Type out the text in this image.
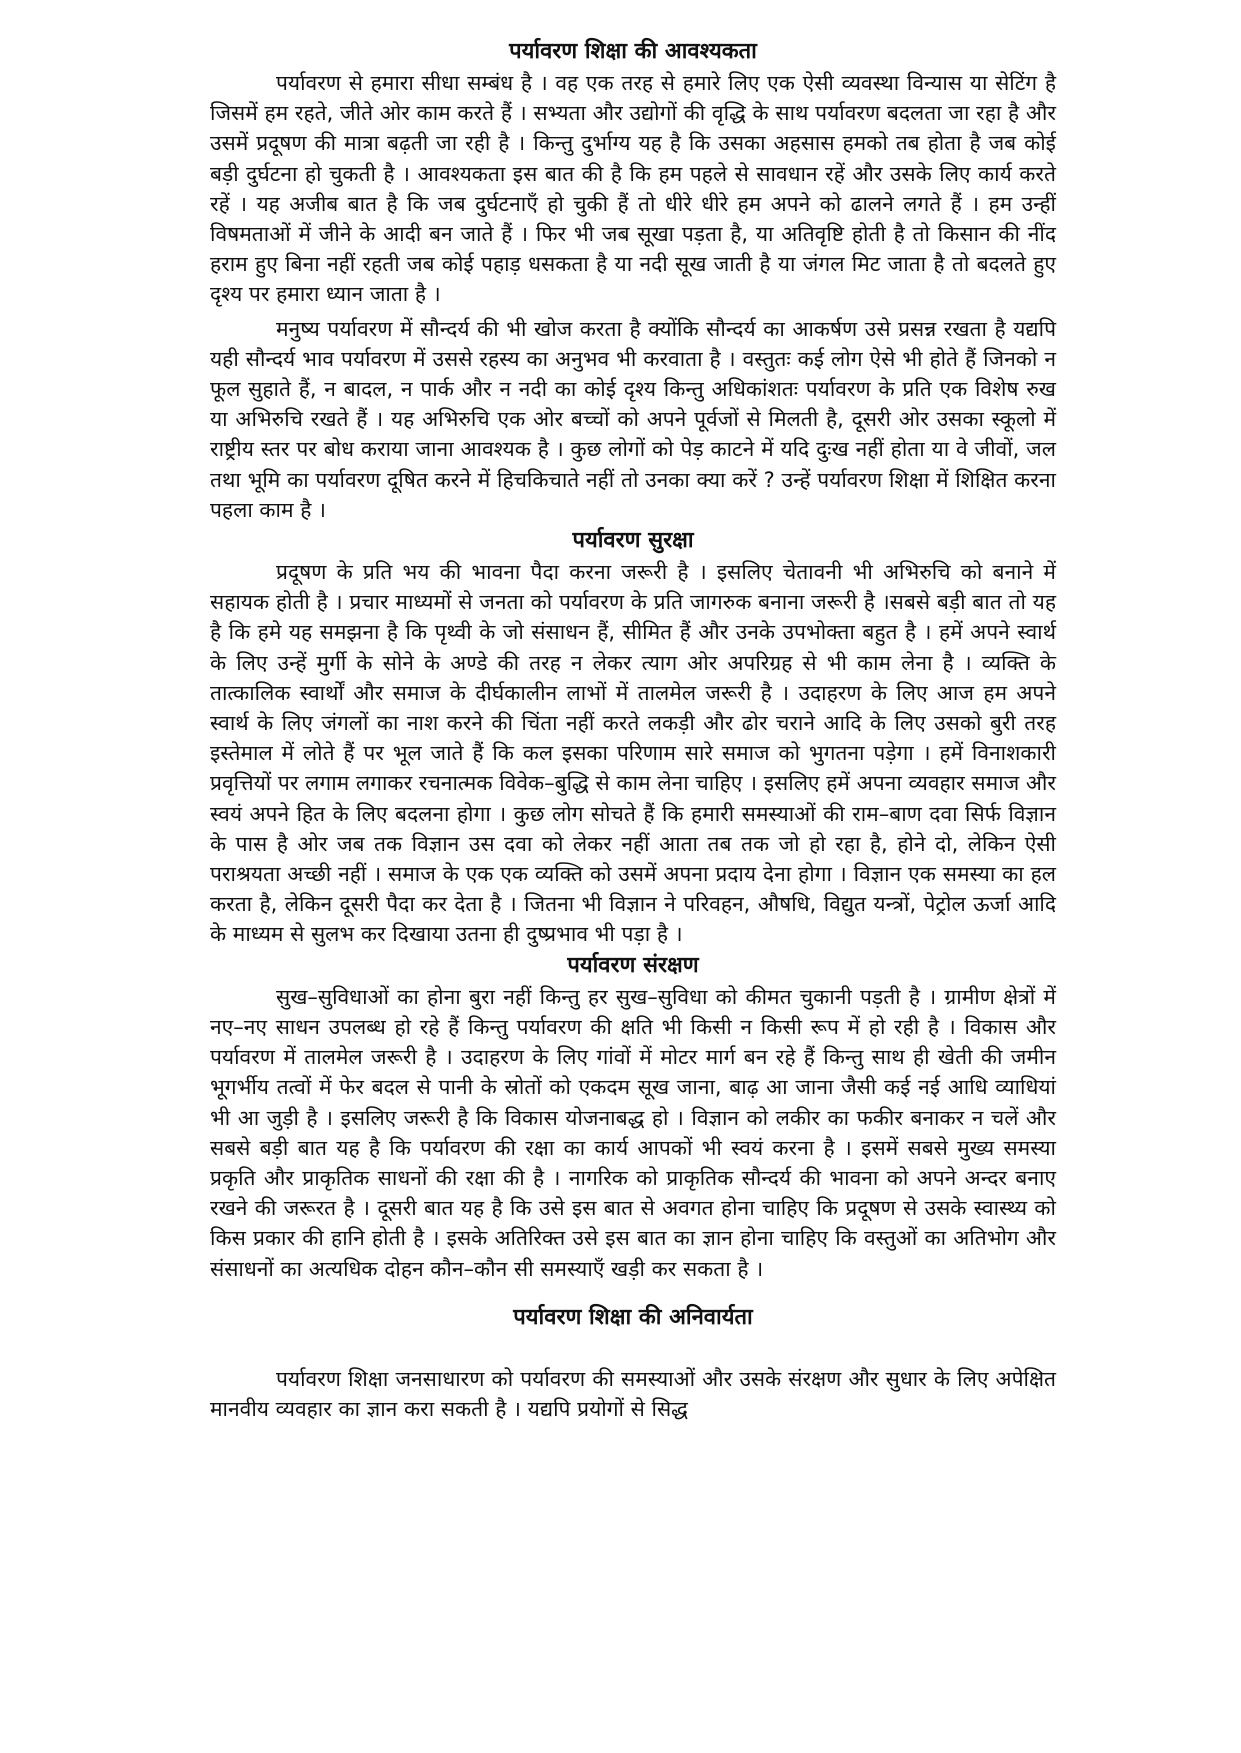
पर्यावरण शिक्षा की आवश्यकता

पर्यावरण से हमारा सीधा सम्बंध है । वह एक तरह से हमारे लिए एक ऐसी व्यवस्था विन्यास या सेटिंग है जिसमें हम रहते, जीते ओर काम करते हैं । सभ्यता और उद्योगों की वृद्धि के साथ पर्यावरण बदलता जा रहा है और उसमें प्रदूषण की मात्रा बढ़ती जा रही है । किन्तु दुर्भाग्य यह है कि उसका अहसास हमको तब होता है जब कोई बड़ी दुर्घटना हो चुकती है । आवश्यकता इस बात की है कि हम पहले से सावधान रहें और उसके लिए कार्य करते रहें । यह अजीब बात है कि जब दुर्घटनाएँ हो चुकी हैं तो धीरे धीरे हम अपने को ढालने लगते हैं । हम उन्हीं विषमताओं में जीने के आदी बन जाते हैं । फिर भी जब सूखा पड़ता है, या अतिवृष्टि होती है तो किसान की नींद हराम हुए बिना नहीं रहती जब कोई पहाड़ धसकता है या नदी सूख जाती है या जंगल मिट जाता है तो बदलते हुए दृश्य पर हमारा ध्यान जाता है ।

मनुष्य पर्यावरण में सौन्दर्य की भी खोज करता है क्योंकि सौन्दर्य का आकर्षण उसे प्रसन्न रखता है यद्यपि यही सौन्दर्य भाव पर्यावरण में उससे रहस्य का अनुभव भी करवाता है । वस्तुतः कई लोग ऐसे भी होते हैं जिनको न फूल सुहाते हैं, न बादल, न पार्क और न नदी का कोई दृश्य किन्तु अधिकांशतः पर्यावरण के प्रति एक विशेष रुख या अभिरुचि रखते हैं । यह अभिरुचि एक ओर बच्चों को अपने पूर्वजों से मिलती है, दूसरी ओर उसका स्कूलो में राष्ट्रीय स्तर पर बोध कराया जाना आवश्यक है । कुछ लोगों को पेड़ काटने में यदि दुःख नहीं होता या वे जीवों, जल तथा भूमि का पर्यावरण दूषित करने में हिचकिचाते नहीं तो उनका क्या करें ? उन्हें पर्यावरण शिक्षा में शिक्षित करना पहला काम है ।

पर्यावरण सुरक्षा

प्रदूषण के प्रति भय की भावना पैदा करना जरूरी है । इसलिए चेतावनी भी अभिरुचि को बनाने में सहायक होती है । प्रचार माध्यमों से जनता को पर्यावरण के प्रति जागरुक बनाना जरूरी है ।सबसे बड़ी बात तो यह है कि हमे यह समझना है कि पृथ्वी के जो संसाधन हैं, सीमित हैं और उनके उपभोक्ता बहुत है । हमें अपने स्वार्थ के लिए उन्हें मुर्गी के सोने के अण्डे की तरह न लेकर त्याग ओर अपरिग्रह से भी काम लेना है । व्यक्ति के तात्कालिक स्वार्थों और समाज के दीर्घकालीन लाभों में तालमेल जरूरी है । उदाहरण के लिए आज हम अपने स्वार्थ के लिए जंगलों का नाश करने की चिंता नहीं करते लकड़ी और ढोर चराने आदि के लिए उसको बुरी तरह इस्तेमाल में लोते हैं पर भूल जाते हैं कि कल इसका परिणाम सारे समाज को भुगतना पड़ेगा । हमें विनाशकारी प्रवृत्तियों पर लगाम लगाकर रचनात्मक विवेक–बुद्धि से काम लेना चाहिए । इसलिए हमें अपना व्यवहार समाज और स्वयं अपने हित के लिए बदलना होगा । कुछ लोग सोचते हैं कि हमारी समस्याओं की राम–बाण दवा सिर्फ विज्ञान के पास है ओर जब तक विज्ञान उस दवा को लेकर नहीं आता तब तक जो हो रहा है, होने दो, लेकिन ऐसी पराश्रयता अच्छी नहीं । समाज के एक एक व्यक्ति को उसमें अपना प्रदाय देना होगा । विज्ञान एक समस्या का हल करता है, लेकिन दूसरी पैदा कर देता है । जितना भी विज्ञान ने परिवहन, औषधि, विद्युत यन्त्रों, पेट्रोल ऊर्जा आदि के माध्यम से सुलभ कर दिखाया उतना ही दुष्प्रभाव भी पड़ा है ।

पर्यावरण संरक्षण

सुख–सुविधाओं का होना बुरा नहीं किन्तु हर सुख–सुविधा को कीमत चुकानी पड़ती है । ग्रामीण क्षेत्रों में नए–नए साधन उपलब्ध हो रहे हैं किन्तु पर्यावरण की क्षति भी किसी न किसी रूप में हो रही है । विकास और पर्यावरण में तालमेल जरूरी है । उदाहरण के लिए गांवों में मोटर मार्ग बन रहे हैं किन्तु साथ ही खेती की जमीन भूगर्भीय तत्वों में फेर बदल से पानी के स्रोतों को एकदम सूख जाना, बाढ़ आ जाना जैसी कई नई आधि व्याधियां भी आ जुड़ी है । इसलिए जरूरी है कि विकास योजनाबद्ध हो । विज्ञान को लकीर का फकीर बनाकर न चलें और सबसे बड़ी बात यह है कि पर्यावरण की रक्षा का कार्य आपकों भी स्वयं करना है । इसमें सबसे मुख्य समस्या प्रकृति और प्राकृतिक साधनों की रक्षा की है । नागरिक को प्राकृतिक सौन्दर्य की भावना को अपने अन्दर बनाए रखने की जरूरत है । दूसरी बात यह है कि उसे इस बात से अवगत होना चाहिए कि प्रदूषण से उसके स्वास्थ्य को किस प्रकार की हानि होती है । इसके अतिरिक्त उसे इस बात का ज्ञान होना चाहिए कि वस्तुओं का अतिभोग और संसाधनों का अत्यधिक दोहन कौन–कौन सी समस्याएँ खड़ी कर सकता है ।

पर्यावरण शिक्षा की अनिवार्यता

पर्यावरण शिक्षा जनसाधारण को पर्यावरण की समस्याओं और उसके संरक्षण और सुधार के लिए अपेक्षित मानवीय व्यवहार का ज्ञान करा सकती है । यद्यपि प्रयोगों से सिद्ध
